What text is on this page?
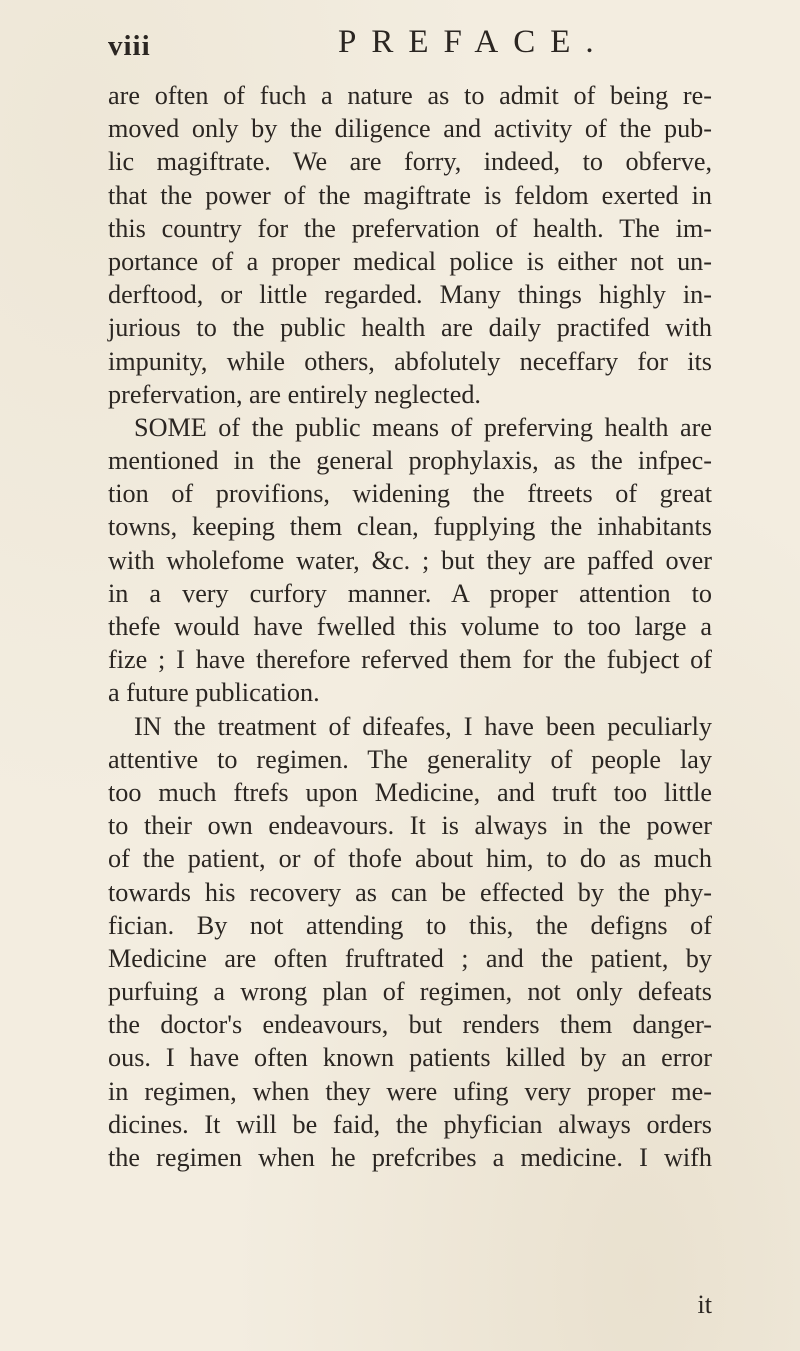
viii	PREFACE.
are often of fuch a nature as to admit of being re-
moved only by the diligence and activity of the pub-
lic magiftrate. We are forry, indeed, to obferve,
that the power of the magiftrate is feldom exerted in
this country for the prefervation of health. The im-
portance of a proper medical police is either not un-
derftood, or little regarded. Many things highly in-
jurious to the public health are daily practifed with
impunity, while others, abfolutely neceffary for its
prefervation, are entirely neglected.
SOME of the public means of preferving health are
mentioned in the general prophylaxis, as the infpec-
tion of provifions, widening the ftreets of great
towns, keeping them clean, fupplying the inhabitants
with wholefome water, &c. ; but they are paffed over
in a very curfory manner. A proper attention to
thefe would have fwelled this volume to too large a
fize ; I have therefore referved them for the fubject of
a future publication.
IN the treatment of difeafes, I have been peculiarly
attentive to regimen. The generality of people lay
too much ftrefs upon Medicine, and truft too little
to their own endeavours. It is always in the power
of the patient, or of thofe about him, to do as much
towards his recovery as can be effected by the phy-
fician. By not attending to this, the defigns of
Medicine are often fruftrated ; and the patient, by
purfuing a wrong plan of regimen, not only defeats
the doctor's endeavours, but renders them danger-
ous. I have often known patients killed by an error
in regimen, when they were ufing very proper me-
dicines. It will be faid, the phyfician always orders
the regimen when he prefcribes a medicine. I wifh
it
